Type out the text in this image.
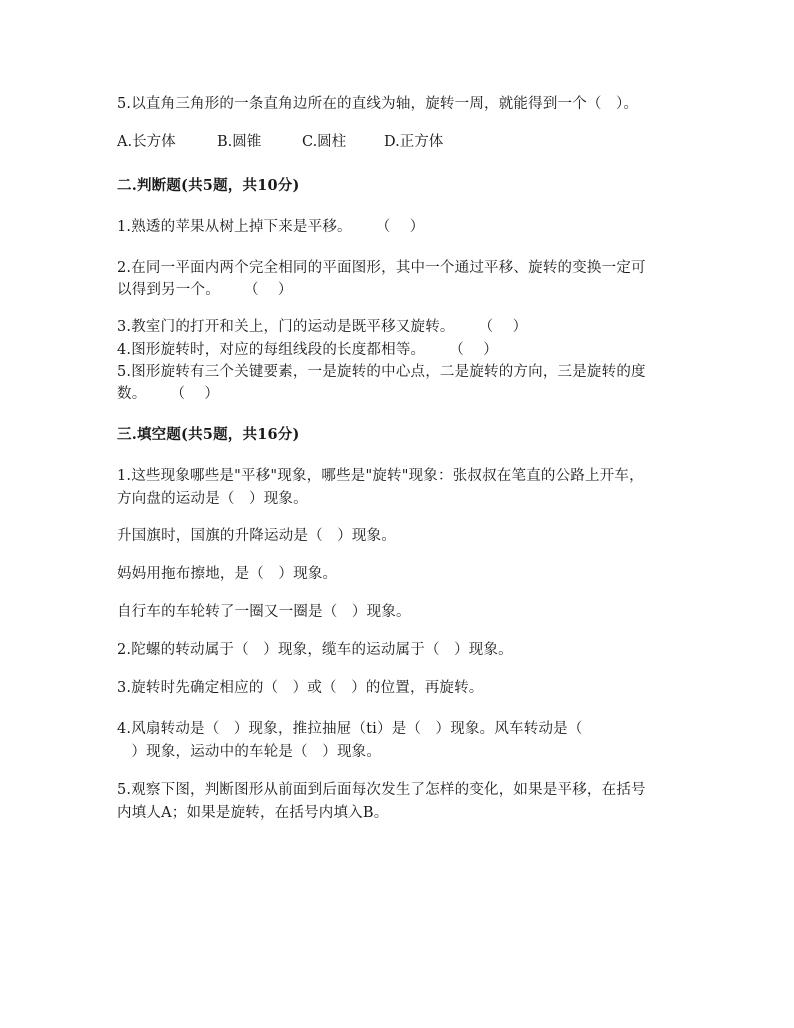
5.以直角三角形的一条直角边所在的直线为轴，旋转一周，就能得到一个（   ）。
A.长方体	B.圆锥	C.圆柱	D.正方体
二.判断题(共5题，共10分)
1.熟透的苹果从树上掉下来是平移。     （    ）
2.在同一平面内两个完全相同的平面图形，其中一个通过平移、旋转的变换一定可
以得到另一个。     （    ）
3.教室门的打开和关上，门的运动是既平移又旋转。     （    ）
4.图形旋转时，对应的每组线段的长度都相等。     （    ）
5.图形旋转有三个关键要素，一是旋转的中心点，二是旋转的方向，三是旋转的度
数。     （    ）
三.填空题(共5题，共16分)
1.这些现象哪些是"平移"现象，哪些是"旋转"现象：张叔叔在笔直的公路上开车，
方向盘的运动是（   ）现象。
升国旗时，国旗的升降运动是（   ）现象。
妈妈用拖布擦地，是（   ）现象。
自行车的车轮转了一圈又一圈是（   ）现象。
2.陀螺的转动属于（   ）现象，缆车的运动属于（   ）现象。
3.旋转时先确定相应的（   ）或（   ）的位置，再旋转。
4.风扇转动是（   ）现象，推拉抽屉（ti）是（   ）现象。风车转动是（
）现象，运动中的车轮是（   ）现象。
5.观察下图，判断图形从前面到后面每次发生了怎样的变化，如果是平移，在括号
内填人A；如果是旋转，在括号内填入B。
